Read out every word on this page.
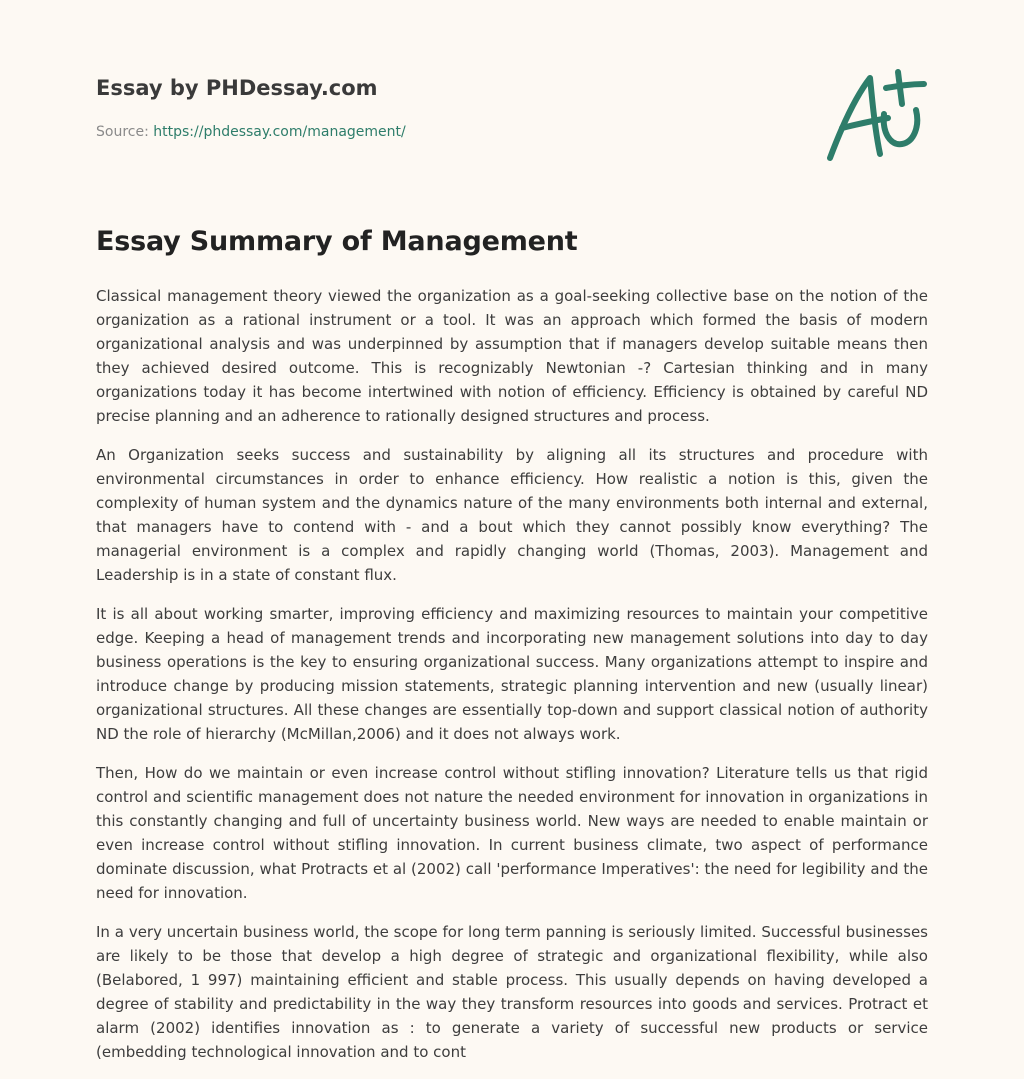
Essay by PHDessay.com
Source: https://phdessay.com/management/
Essay Summary of Management

Classical management theory viewed the organization as a goal-seeking collective base on the notion of the organization as a rational instrument or a tool. It was an approach which formed the basis of modern organizational analysis and was underpinned by assumption that if managers develop suitable means then they achieved desired outcome. This is recognizably Newtonian -? Cartesian thinking and in many organizations today it has become intertwined with notion of efficiency. Efficiency is obtained by careful ND precise planning and an adherence to rationally designed structures and process.

An Organization seeks success and sustainability by aligning all its structures and procedure with environmental circumstances in order to enhance efficiency. How realistic a notion is this, given the complexity of human system and the dynamics nature of the many environments both internal and external, that managers have to contend with - and a bout which they cannot possibly know everything? The managerial environment is a complex and rapidly changing world (Thomas, 2003). Management and Leadership is in a state of constant flux.

It is all about working smarter, improving efficiency and maximizing resources to maintain your competitive edge. Keeping a head of management trends and incorporating new management solutions into day to day business operations is the key to ensuring organizational success. Many organizations attempt to inspire and introduce change by producing mission statements, strategic planning intervention and new (usually linear) organizational structures. All these changes are essentially top-down and support classical notion of authority ND the role of hierarchy (McMillan,2006) and it does not always work.

Then, How do we maintain or even increase control without stifling innovation? Literature tells us that rigid control and scientific management does not nature the needed environment for innovation in organizations in this constantly changing and full of uncertainty business world. New ways are needed to enable maintain or even increase control without stifling innovation. In current business climate, two aspect of performance dominate discussion, what Protracts et al (2002) call 'performance Imperatives': the need for legibility and the need for innovation.

In a very uncertain business world, the scope for long term panning is seriously limited. Successful businesses are likely to be those that develop a high degree of strategic and organizational flexibility, while also (Belabored, 1 997) maintaining efficient and stable process. This usually depends on having developed a degree of stability and predictability in the way they transform resources into goods and services. Protract et alarm (2002) identifies innovation as : to generate a variety of successful new products or service (embedding technological innovation and to cont
